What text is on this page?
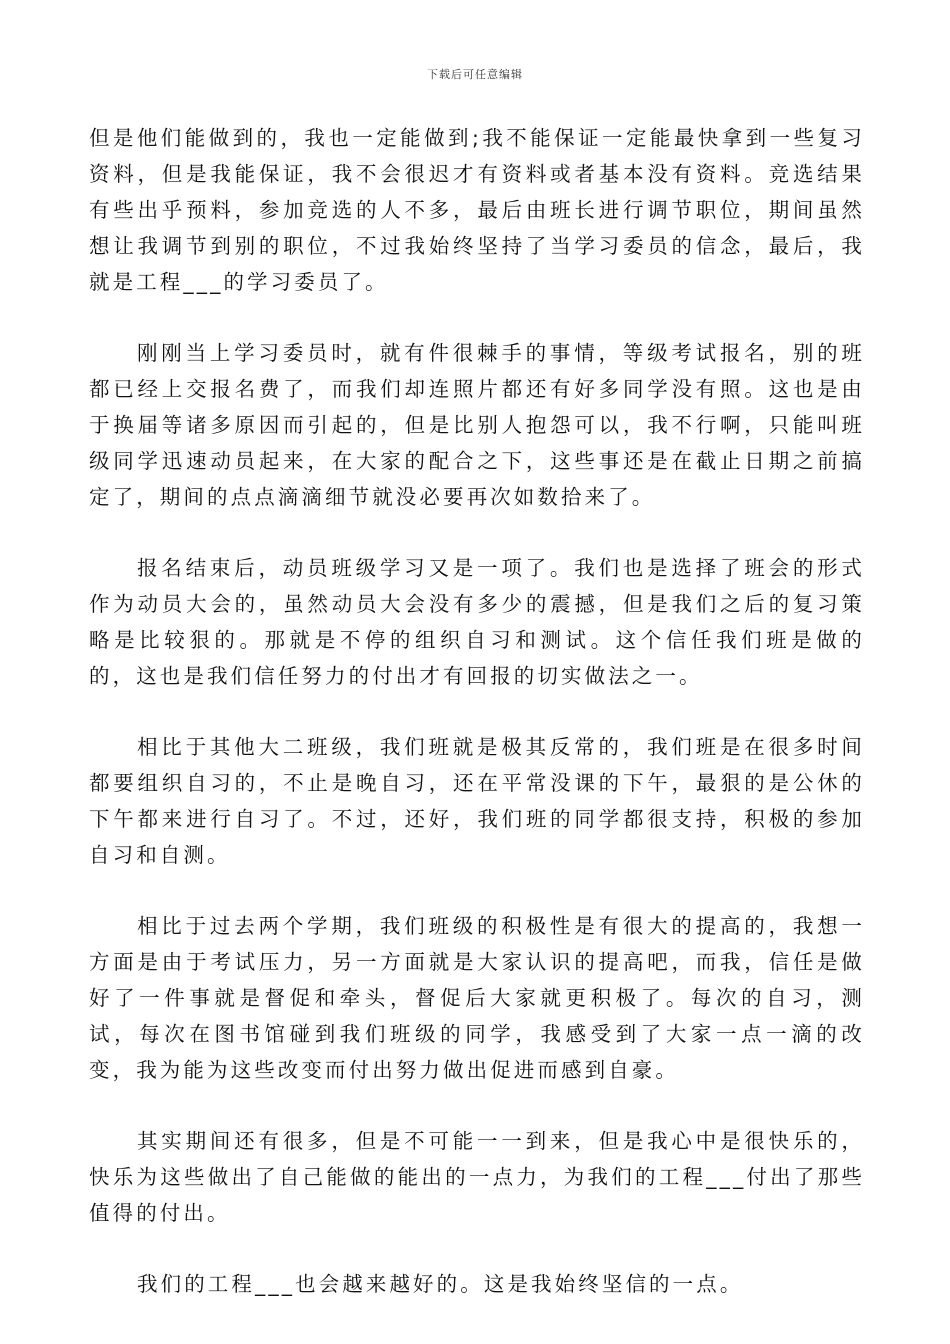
下载后可任意编辑

但是他们能做到的，我也一定能做到;我不能保证一定能最快拿到一些复习资料，但是我能保证，我不会很迟才有资料或者基本没有资料。竞选结果有些出乎预料，参加竞选的人不多，最后由班长进行调节职位，期间虽然想让我调节到别的职位，不过我始终坚持了当学习委员的信念，最后，我就是工程___的学习委员了。

刚刚当上学习委员时，就有件很棘手的事情，等级考试报名，别的班都已经上交报名费了，而我们却连照片都还有好多同学没有照。这也是由于换届等诸多原因而引起的，但是比别人抱怨可以，我不行啊，只能叫班级同学迅速动员起来，在大家的配合之下，这些事还是在截止日期之前搞定了，期间的点点滴滴细节就没必要再次如数拾来了。

报名结束后，动员班级学习又是一项了。我们也是选择了班会的形式作为动员大会的，虽然动员大会没有多少的震撼，但是我们之后的复习策略是比较狠的。那就是不停的组织自习和测试。这个信任我们班是做的的，这也是我们信任努力的付出才有回报的切实做法之一。

相比于其他大二班级，我们班就是极其反常的，我们班是在很多时间都要组织自习的，不止是晚自习，还在平常没课的下午，最狠的是公休的下午都来进行自习了。不过，还好，我们班的同学都很支持，积极的参加自习和自测。

相比于过去两个学期，我们班级的积极性是有很大的提高的，我想一方面是由于考试压力，另一方面就是大家认识的提高吧，而我，信任是做好了一件事就是督促和牵头，督促后大家就更积极了。每次的自习，测试，每次在图书馆碰到我们班级的同学，我感受到了大家一点一滴的改变，我为能为这些改变而付出努力做出促进而感到自豪。

其实期间还有很多，但是不可能一一到来，但是我心中是很快乐的，快乐为这些做出了自己能做的能出的一点力，为我们的工程___付出了那些值得的付出。

我们的工程___也会越来越好的。这是我始终坚信的一点。
